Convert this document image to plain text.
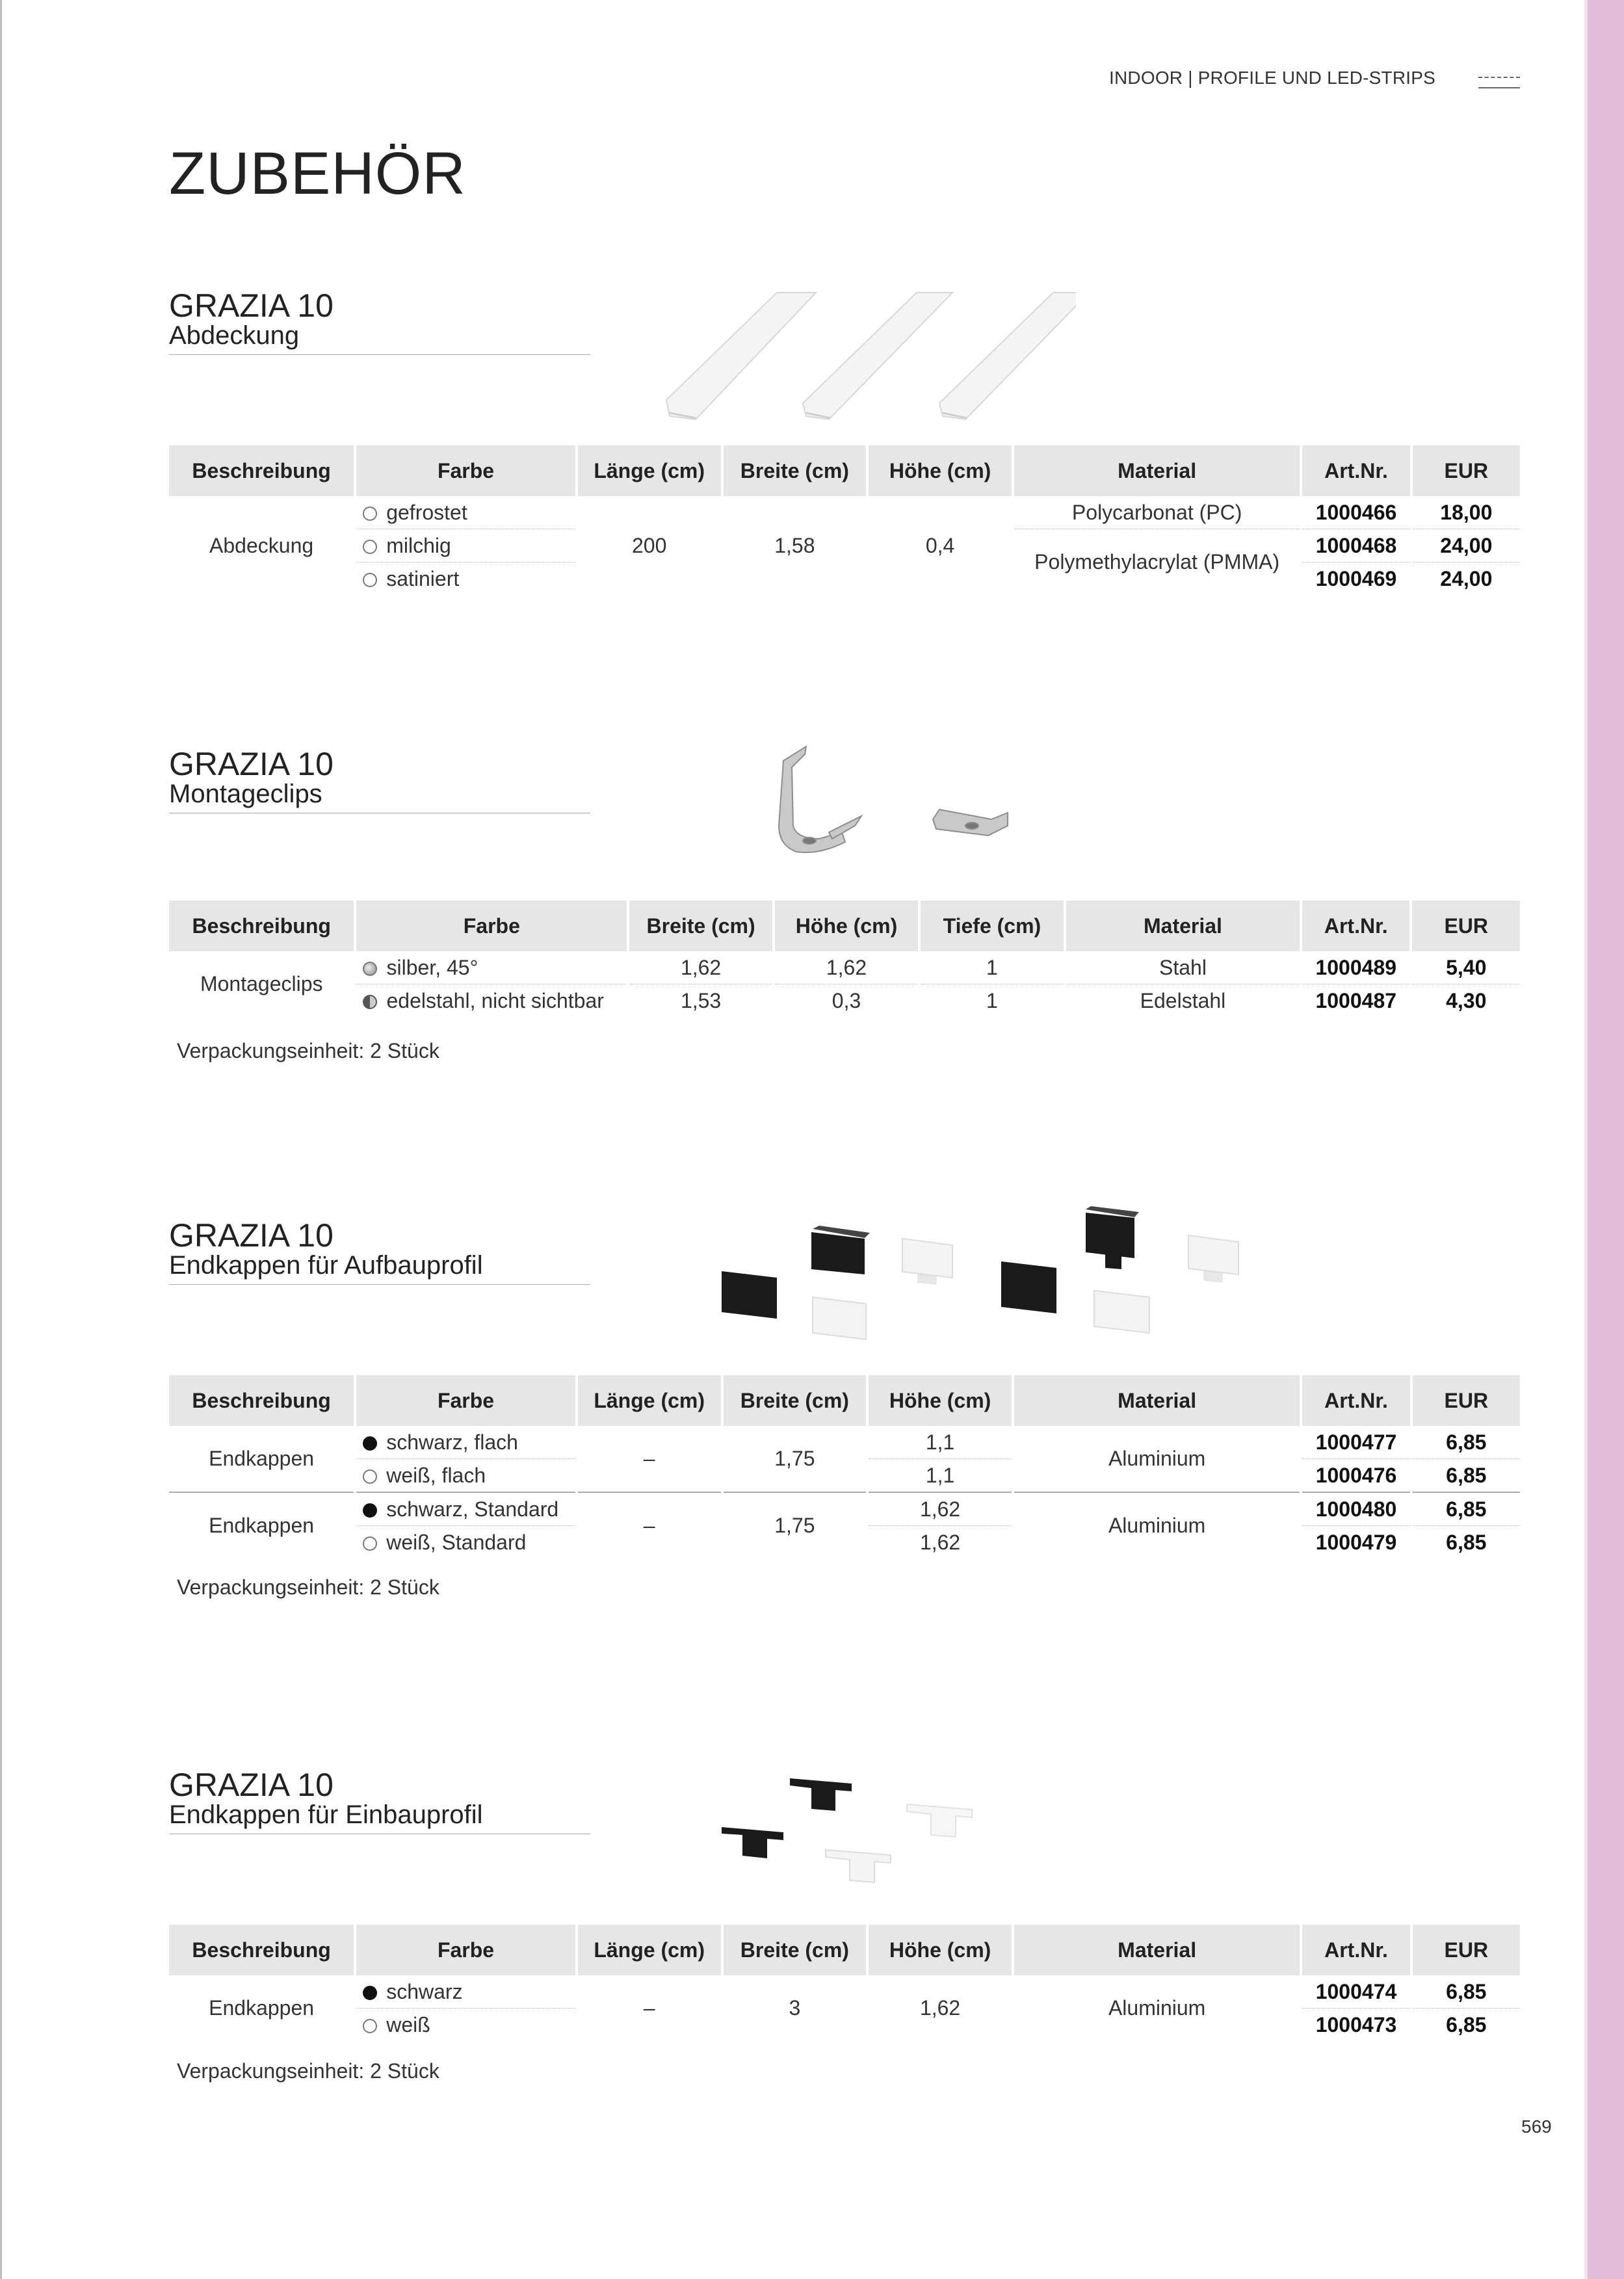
INDOOR | PROFILE UND LED-STRIPS
ZUBEHÖR
GRAZIA 10
Abdeckung
Beschreibung	Farbe	Länge (cm)	Breite (cm)	Höhe (cm)	Material	Art.Nr.	EUR
Abdeckung	gefrostet	200	1,58	0,4	Polycarbonat (PC)	1000466	18,00
	milchig				Polymethylacrylat (PMMA)	1000468	24,00
	satiniert					1000469	24,00
GRAZIA 10
Montageclips
Beschreibung	Farbe	Breite (cm)	Höhe (cm)	Tiefe (cm)	Material	Art.Nr.	EUR
Montageclips	silber, 45°	1,62	1,62	1	Stahl	1000489	5,40
	edelstahl, nicht sichtbar	1,53	0,3	1	Edelstahl	1000487	4,30
Verpackungseinheit: 2 Stück
GRAZIA 10
Endkappen für Aufbauprofil
Beschreibung	Farbe	Länge (cm)	Breite (cm)	Höhe (cm)	Material	Art.Nr.	EUR
Endkappen	schwarz, flach	–	1,75	1,1	Aluminium	1000477	6,85
	weiß, flach			1,1		1000476	6,85
Endkappen	schwarz, Standard	–	1,75	1,62	Aluminium	1000480	6,85
	weiß, Standard			1,62		1000479	6,85
Verpackungseinheit: 2 Stück
GRAZIA 10
Endkappen für Einbauprofil
Beschreibung	Farbe	Länge (cm)	Breite (cm)	Höhe (cm)	Material	Art.Nr.	EUR
Endkappen	schwarz	–	3	1,62	Aluminium	1000474	6,85
	weiß					1000473	6,85
Verpackungseinheit: 2 Stück
569
